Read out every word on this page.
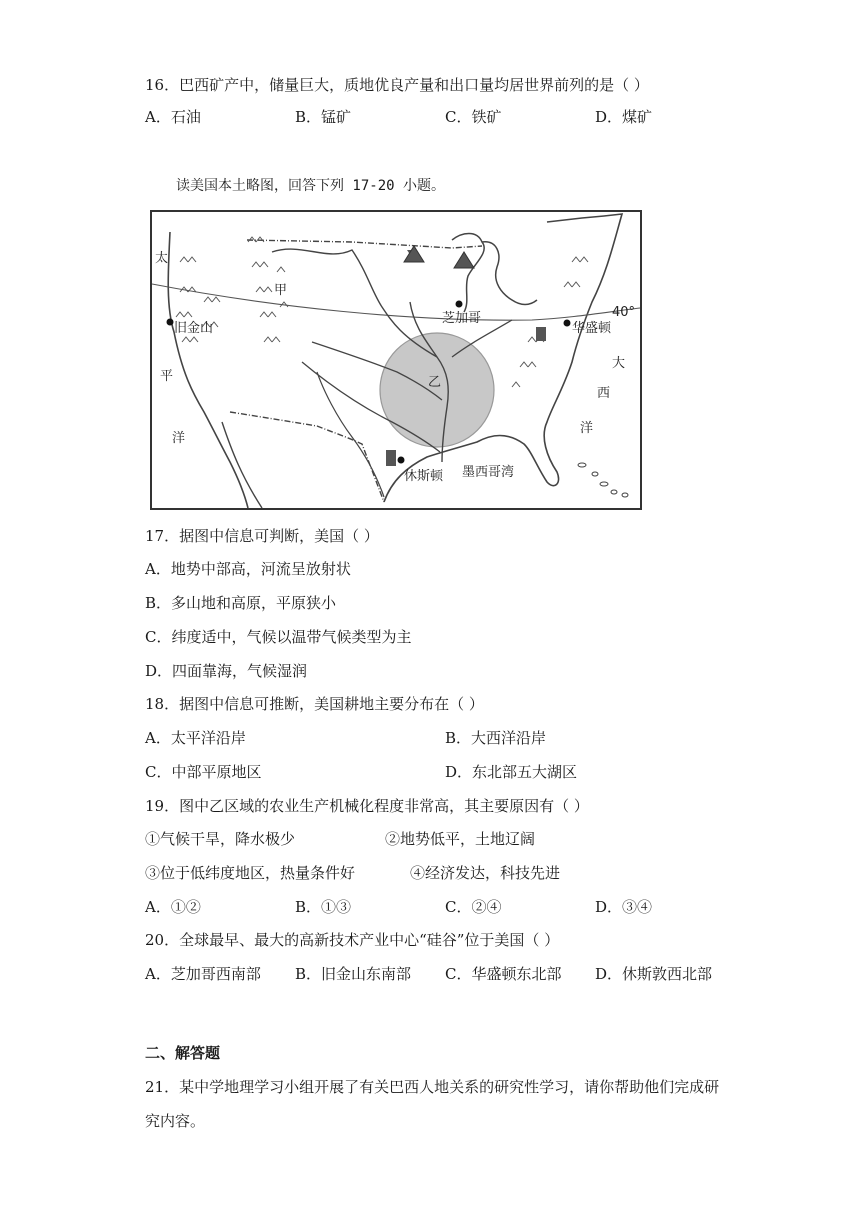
16．巴西矿产中，储量巨大，质地优良产量和出口量均居世界前列的是（ ）
A．石油	B．锰矿	C．铁矿	D．煤矿
读美国本土略图，回答下列 17-20 小题。
太
平
洋
大
西
洋
甲
乙
旧金山
芝加哥
华盛顿
休斯顿 墨西哥湾
40°
17．据图中信息可判断，美国（ ）
A．地势中部高，河流呈放射状
B．多山地和高原，平原狭小
C．纬度适中，气候以温带气候类型为主
D．四面靠海，气候湿润
18．据图中信息可推断，美国耕地主要分布在（ ）
A．太平洋沿岸	B．大西洋沿岸
C．中部平原地区	D．东北部五大湖区
19．图中乙区域的农业生产机械化程度非常高，其主要原因有（ ）
①气候干旱，降水极少	②地势低平，土地辽阔
③位于低纬度地区，热量条件好	④经济发达，科技先进
A．①②	B．①③	C．②④	D．③④
20．全球最早、最大的高新技术产业中心“硅谷”位于美国（ ）
A．芝加哥西南部 B．旧金山东南部 C．华盛顿东北部 D．休斯敦西北部
二、解答题
21．某中学地理学习小组开展了有关巴西人地关系的研究性学习，请你帮助他们完成研
究内容。
